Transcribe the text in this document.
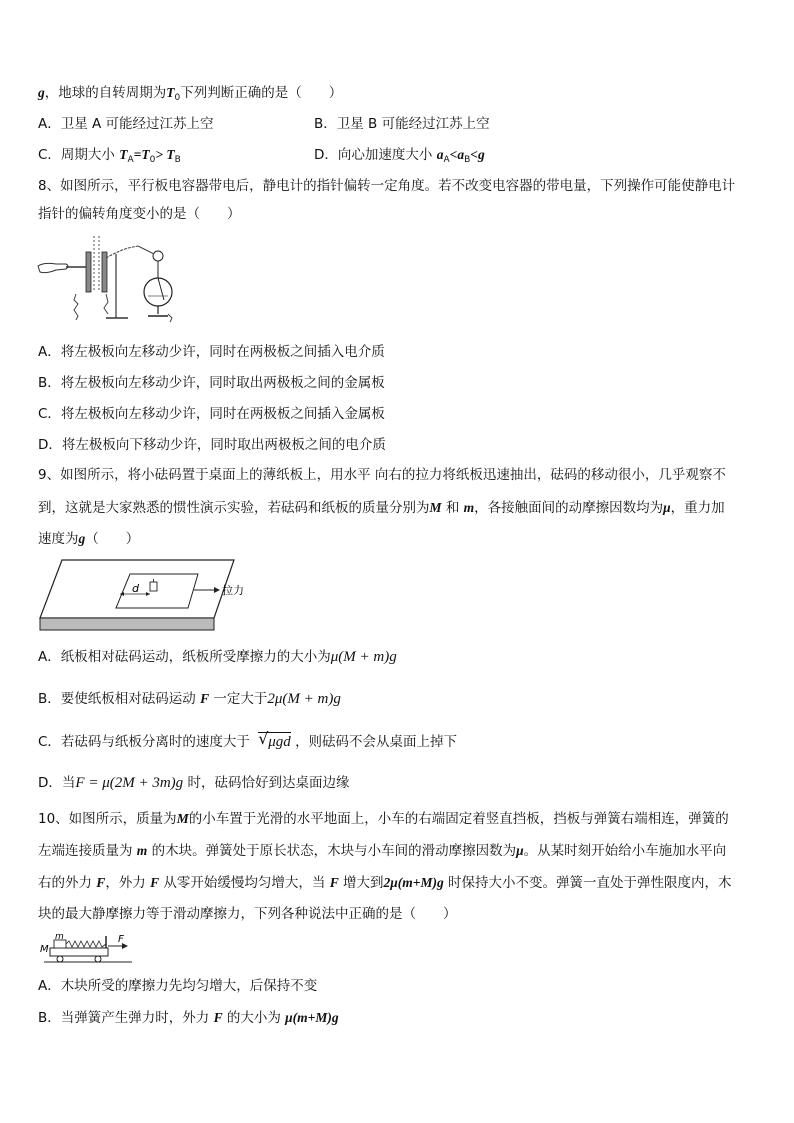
g，地球的自转周期为$T_0$下列判断正确的是（　　）
A．卫星 A 可能经过江苏上空	B．卫星 B 可能经过江苏上空
C．周期大小 $T_A=T_0> T_B$	D．向心加速度大小 $a_A<a_B<g$
8、如图所示，平行板电容器带电后，静电计的指针偏转一定角度。若不改变电容器的带电量，下列操作可能使静电计
指针的偏转角度变小的是（　　）
A．将左极板向左移动少许，同时在两极板之间插入电介质
B．将左极板向左移动少许，同时取出两极板之间的金属板
C．将左极板向左移动少许，同时在两极板之间插入金属板
D．将左极板向下移动少许，同时取出两极板之间的电介质
9、如图所示，将小砝码置于桌面上的薄纸板上，用水平 向右的拉力将纸板迅速抽出，砝码的移动很小，几乎观察不
到，这就是大家熟悉的惯性演示实验，若砝码和纸板的质量分别为M 和 m，各接触面间的动摩擦因数均为μ，重力加
速度为g（　　）
d	拉力
A．纸板相对砝码运动，纸板所受摩擦力的大小为μ(M + m)g
B．要使纸板相对砝码运动 F 一定大于2μ(M + m)g
C．若砝码与纸板分离时的速度大于 √ μgd ，则砝码不会从桌面上掉下
D．当F = μ(2M + 3m)g 时，砝码恰好到达桌面边缘
10、如图所示，质量为M的小车置于光滑的水平地面上，小车的右端固定着竖直挡板，挡板与弹簧右端相连，弹簧的
左端连接质量为 m 的木块。弹簧处于原长状态，木块与小车间的滑动摩擦因数为μ。从某时刻开始给小车施加水平向
右的外力 F，外力 F 从零开始缓慢均匀增大，当 F 增大到2μ(m+M)g 时保持大小不变。弹簧一直处于弹性限度内，木
块的最大静摩擦力等于滑动摩擦力，下列各种说法中正确的是（　　）
M
m	F
A．木块所受的摩擦力先均匀增大，后保持不变
B．当弹簧产生弹力时，外力 F 的大小为 μ(m+M)g
